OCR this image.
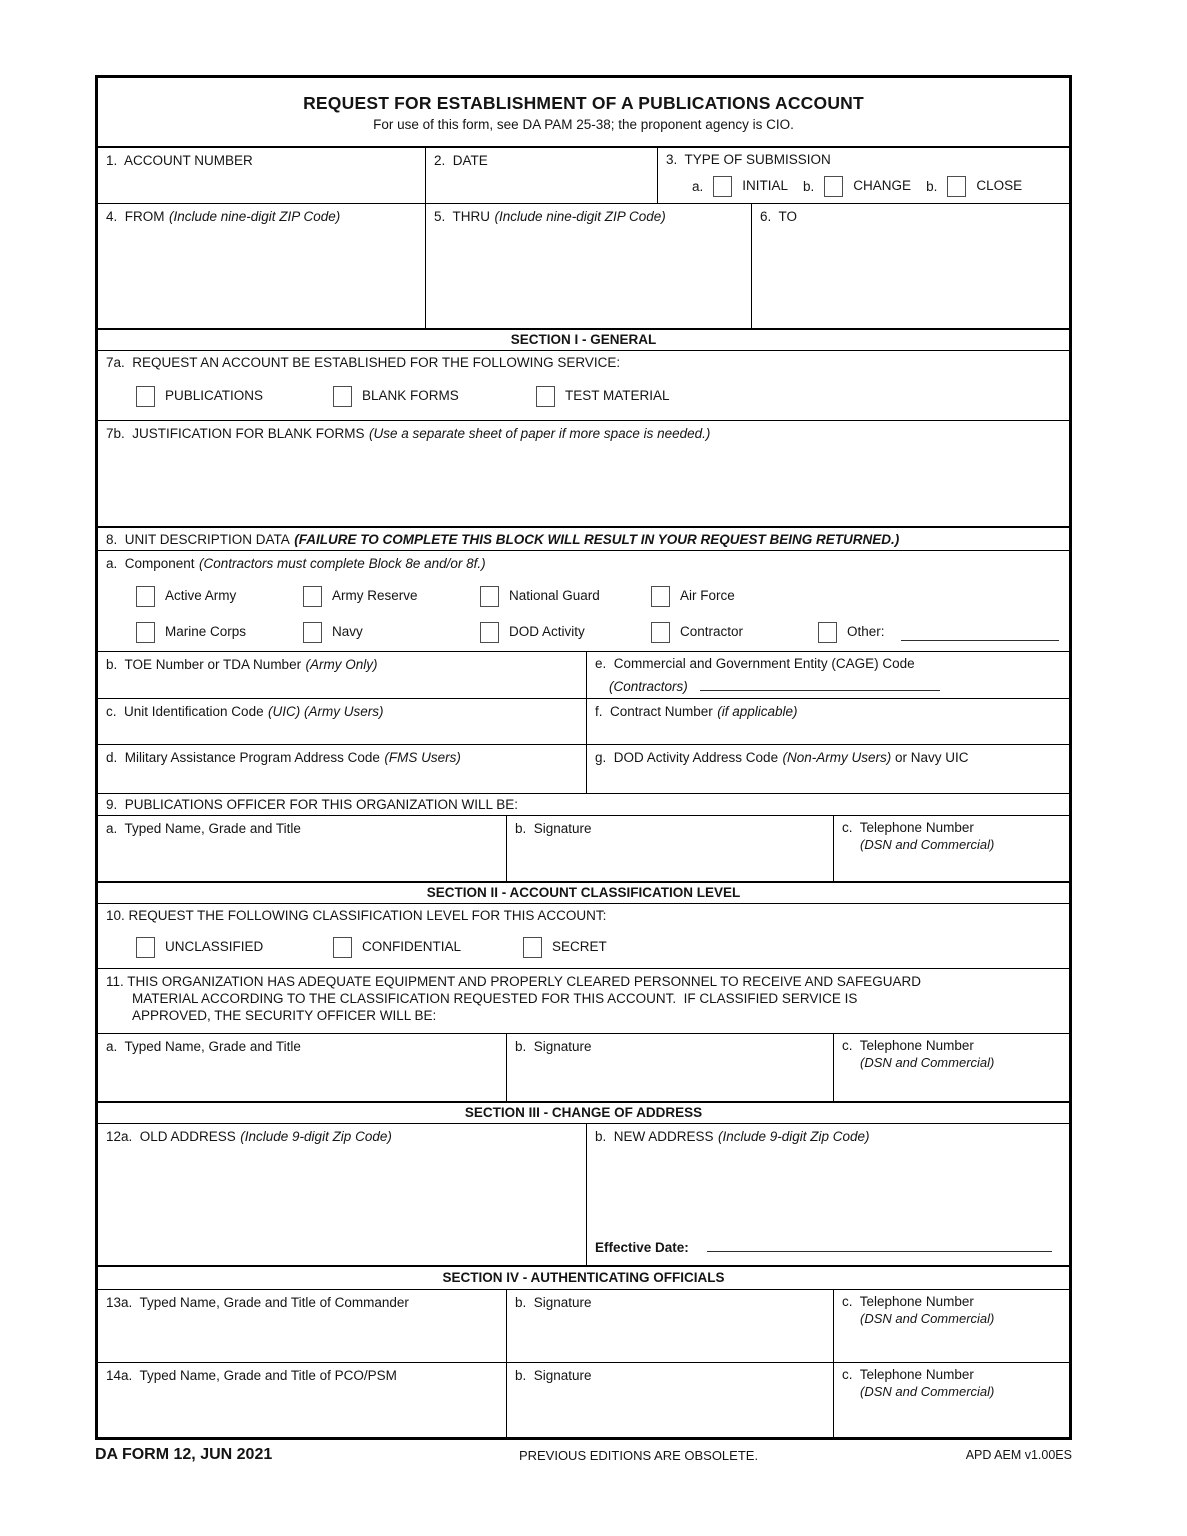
REQUEST FOR ESTABLISHMENT OF A PUBLICATIONS ACCOUNT
For use of this form, see DA PAM 25-38; the proponent agency is CIO.
1.  ACCOUNT NUMBER	2.  DATE	3.  TYPE OF SUBMISSION
a.	INITIAL b.	CHANGE b.	CLOSE
4.  FROM (Include nine-digit ZIP Code)	5.  THRU (Include nine-digit ZIP Code)	6.  TO
SECTION I - GENERAL
7a.  REQUEST AN ACCOUNT BE ESTABLISHED FOR THE FOLLOWING SERVICE:
PUBLICATIONS	BLANK FORMS	TEST MATERIAL
7b.  JUSTIFICATION FOR BLANK FORMS (Use a separate sheet of paper if more space is needed.)
8.  UNIT DESCRIPTION DATA (FAILURE TO COMPLETE THIS BLOCK WILL RESULT IN YOUR REQUEST BEING RETURNED.)
a.  Component (Contractors must complete Block 8e and/or 8f.)
Active Army	Army Reserve	National Guard	Air Force
Marine Corps	Navy	DOD Activity	Contractor	Other:
b.  TOE Number or TDA Number (Army Only)	e.  Commercial and Government Entity (CAGE) Code
(Contractors)
c.  Unit Identification Code (UIC) (Army Users)	f.  Contract Number (if applicable)
d.  Military Assistance Program Address Code (FMS Users)	g.  DOD Activity Address Code (Non-Army Users) or Navy UIC
9.  PUBLICATIONS OFFICER FOR THIS ORGANIZATION WILL BE:
a.  Typed Name, Grade and Title	b.  Signature	c.  Telephone Number
(DSN and Commercial)
SECTION II - ACCOUNT CLASSIFICATION LEVEL
10. REQUEST THE FOLLOWING CLASSIFICATION LEVEL FOR THIS ACCOUNT:
UNCLASSIFIED	CONFIDENTIAL	SECRET
11. THIS ORGANIZATION HAS ADEQUATE EQUIPMENT AND PROPERLY CLEARED PERSONNEL TO RECEIVE AND SAFEGUARD
MATERIAL ACCORDING TO THE CLASSIFICATION REQUESTED FOR THIS ACCOUNT.  IF CLASSIFIED SERVICE IS
APPROVED, THE SECURITY OFFICER WILL BE:
a.  Typed Name, Grade and Title	b.  Signature	c.  Telephone Number
(DSN and Commercial)
SECTION III - CHANGE OF ADDRESS
12a.  OLD ADDRESS (Include 9-digit Zip Code)	b.  NEW ADDRESS (Include 9-digit Zip Code)
Effective Date:
SECTION IV - AUTHENTICATING OFFICIALS
13a.  Typed Name, Grade and Title of Commander	b.  Signature	c.  Telephone Number
(DSN and Commercial)
14a.  Typed Name, Grade and Title of PCO/PSM	b.  Signature	c.  Telephone Number
(DSN and Commercial)
DA FORM 12, JUN 2021	PREVIOUS EDITIONS ARE OBSOLETE.	APD AEM v1.00ES
